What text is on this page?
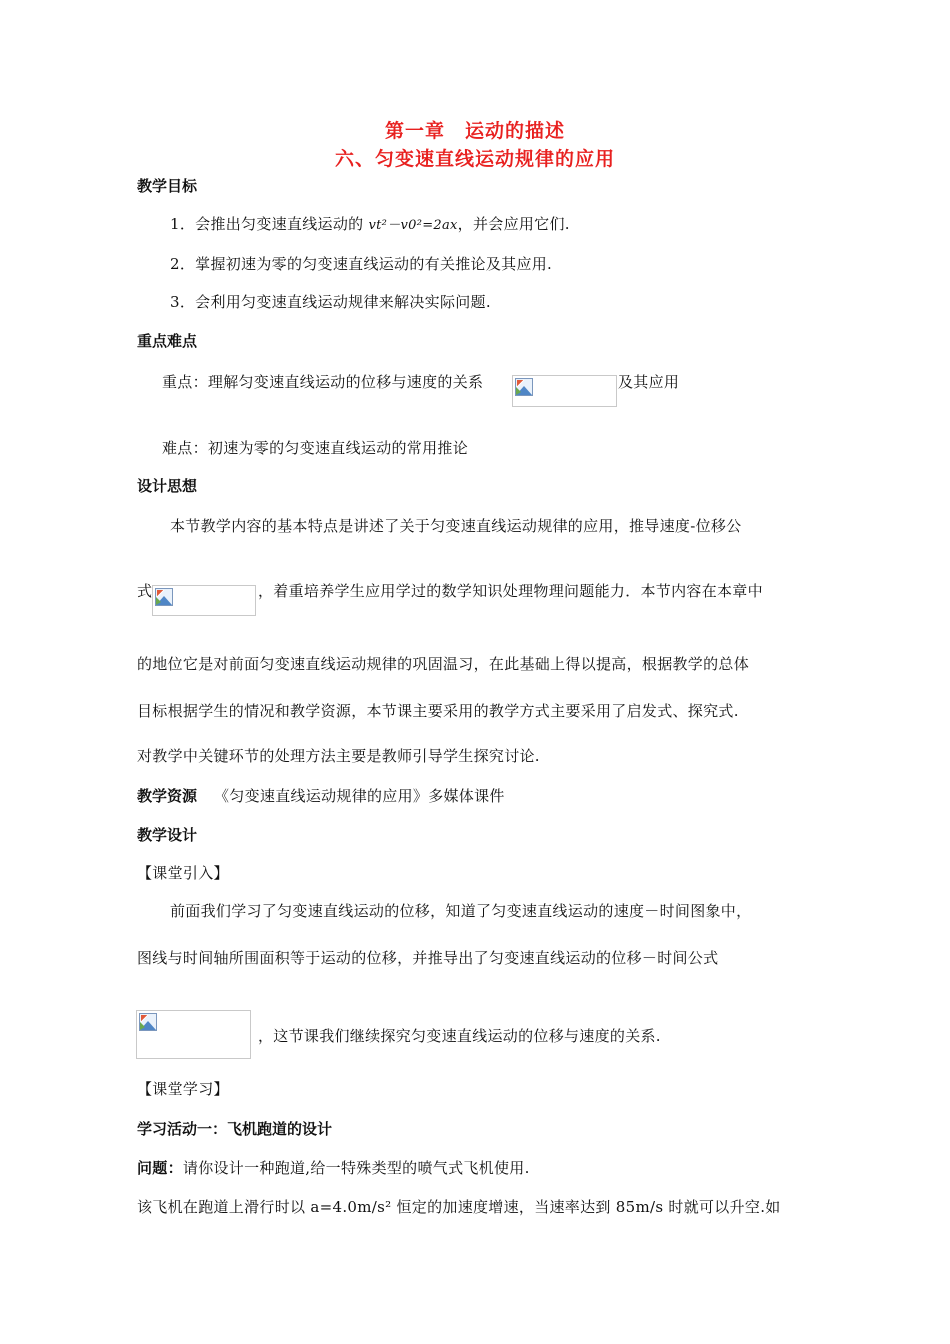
第一章　运动的描述
六、匀变速直线运动规律的应用
教学目标
1．会推出匀变速直线运动的 vt²－v0²=2ax，并会应用它们.
2．掌握初速为零的匀变速直线运动的有关推论及其应用.
3．会利用匀变速直线运动规律来解决实际问题.
重点难点
重点：理解匀变速直线运动的位移与速度的关系	及其应用
难点：初速为零的匀变速直线运动的常用推论
设计思想
本节教学内容的基本特点是讲述了关于匀变速直线运动规律的应用，推导速度-位移公
式	，着重培养学生应用学过的数学知识处理物理问题能力．本节内容在本章中
的地位它是对前面匀变速直线运动规律的巩固温习，在此基础上得以提高，根据教学的总体
目标根据学生的情况和教学资源，本节课主要采用的教学方式主要采用了启发式、探究式.
对教学中关键环节的处理方法主要是教师引导学生探究讨论.
教学资源 《匀变速直线运动规律的应用》多媒体课件
教学设计
【课堂引入】
前面我们学习了匀变速直线运动的位移，知道了匀变速直线运动的速度－时间图象中，
图线与时间轴所围面积等于运动的位移，并推导出了匀变速直线运动的位移－时间公式
，这节课我们继续探究匀变速直线运动的位移与速度的关系.
【课堂学习】
学习活动一：飞机跑道的设计
问题：请你设计一种跑道,给一特殊类型的喷气式飞机使用.
该飞机在跑道上滑行时以 a=4.0m/s² 恒定的加速度增速，当速率达到 85m/s 时就可以升空.如
